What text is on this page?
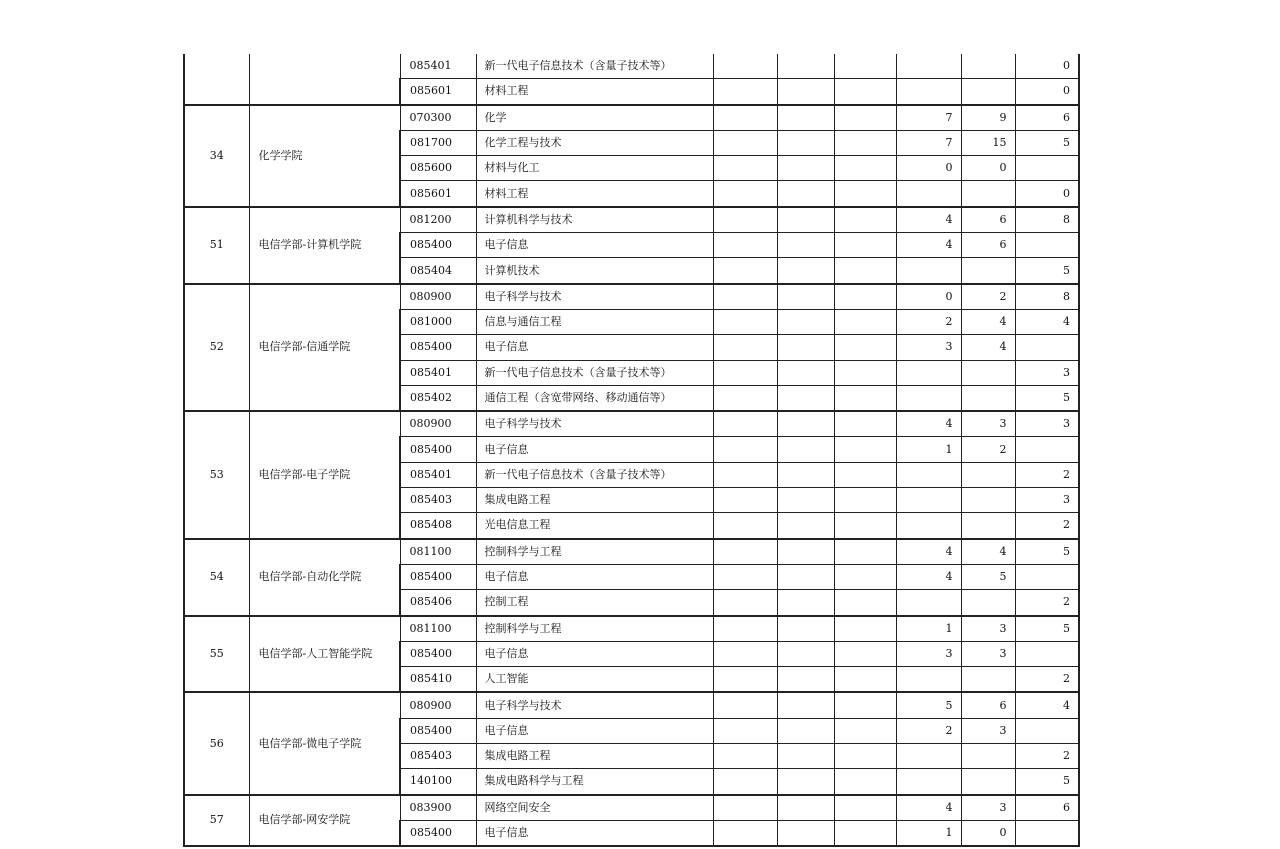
		085401	新一代电子信息技术（含量子技术等）						0
		085601	材料工程						0
34	化学学院	070300	化学				7	9	6
		081700	化学工程与技术				7	15	5
		085600	材料与化工				0	0	
		085601	材料工程						0
51	电信学部-计算机学院	081200	计算机科学与技术				4	6	8
		085400	电子信息				4	6	
		085404	计算机技术						5
52	电信学部-信通学院	080900	电子科学与技术				0	2	8
		081000	信息与通信工程				2	4	4
		085400	电子信息				3	4	
		085401	新一代电子信息技术（含量子技术等）						3
		085402	通信工程（含宽带网络、移动通信等）						5
53	电信学部-电子学院	080900	电子科学与技术				4	3	3
		085400	电子信息				1	2	
		085401	新一代电子信息技术（含量子技术等）						2
		085403	集成电路工程						3
		085408	光电信息工程						2
54	电信学部-自动化学院	081100	控制科学与工程				4	4	5
		085400	电子信息				4	5	
		085406	控制工程						2
55	电信学部-人工智能学院	081100	控制科学与工程				1	3	5
		085400	电子信息				3	3	
		085410	人工智能						2
56	电信学部-微电子学院	080900	电子科学与技术				5	6	4
		085400	电子信息				2	3	
		085403	集成电路工程						2
		140100	集成电路科学与工程						5
57	电信学部-网安学院	083900	网络空间安全				4	3	6
		085400	电子信息				1	0	
